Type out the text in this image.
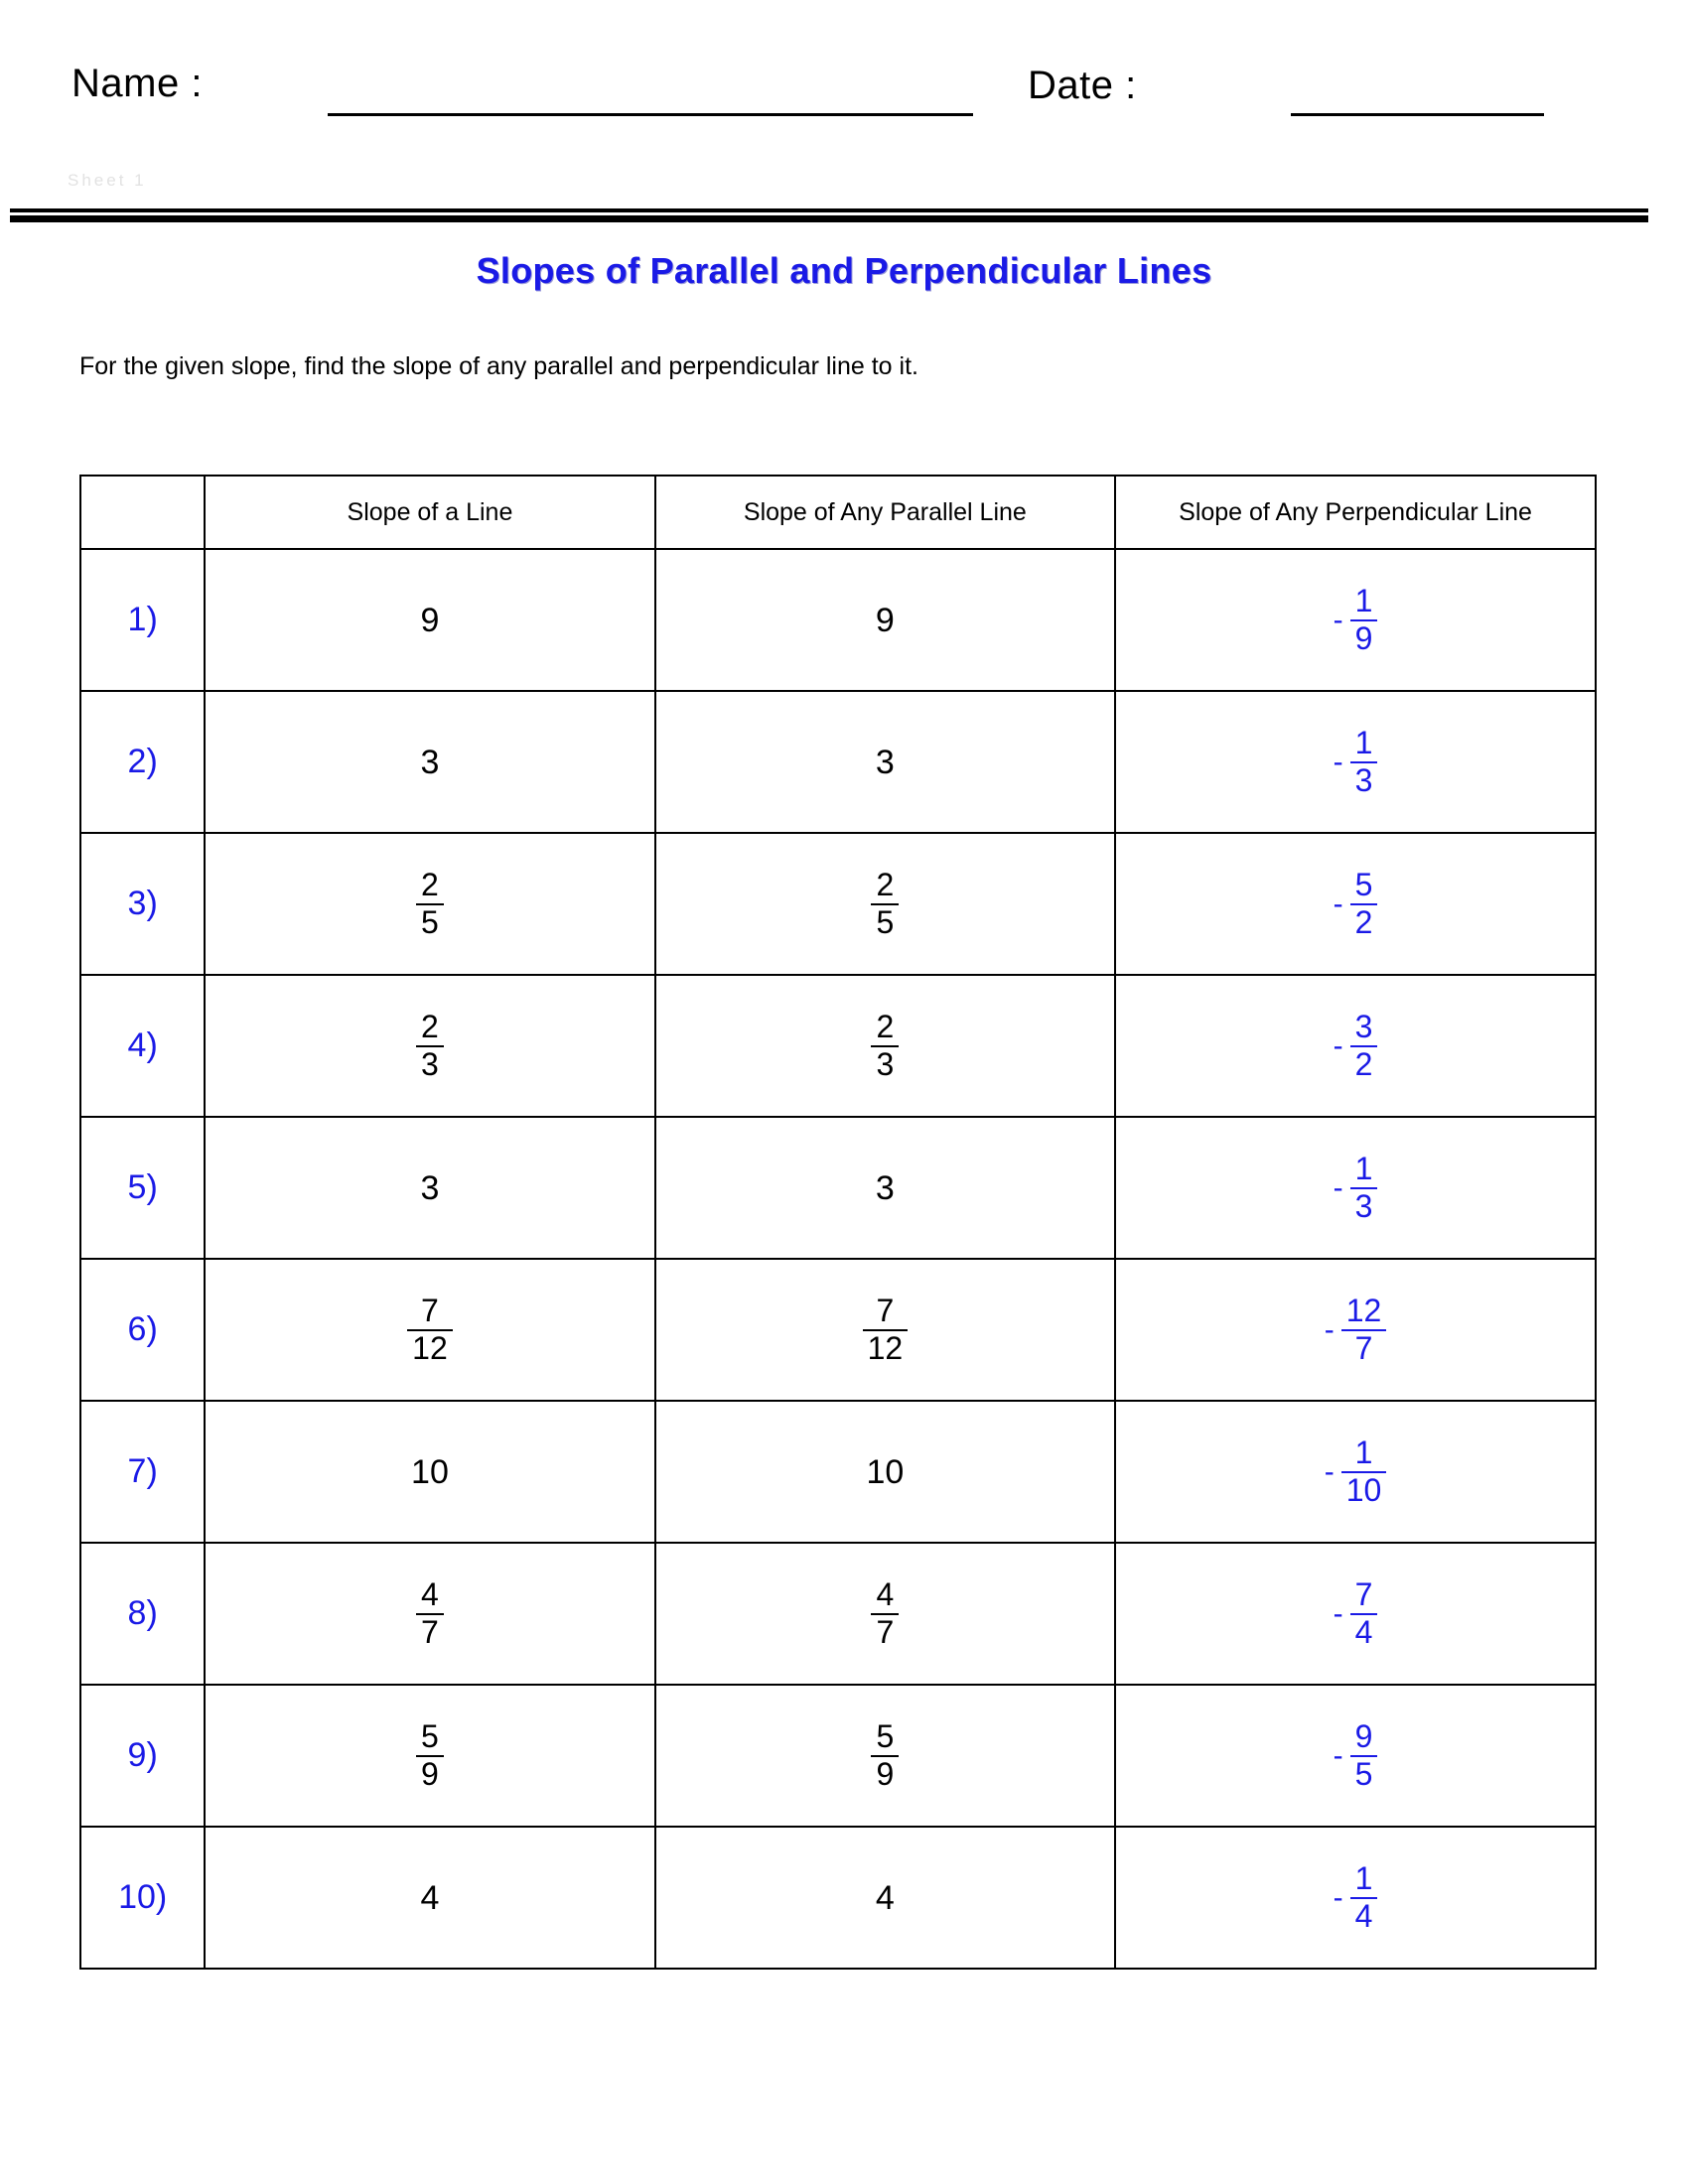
Name :	Date :
Sheet 1
Slopes of Parallel and Perpendicular Lines
For the given slope, find the slope of any parallel and perpendicular line to it.
	Slope of a Line	Slope of Any Parallel Line	Slope of Any Perpendicular Line
1)	9	9	- $\frac{1}{9}$

2)	3	3	- $\frac{1}{3}$

3)	$\frac{2}{5}$	$\frac{2}{5}$	- $\frac{5}{2}$

4)	$\frac{2}{3}$	$\frac{2}{3}$	- $\frac{3}{2}$

5)	3	3	- $\frac{1}{3}$

6)	$\frac{7}{12}$	$\frac{7}{12}$	- $\frac{12}{7}$

7)	10	10	- $\frac{1}{10}$

8)	$\frac{4}{7}$	$\frac{4}{7}$	- $\frac{7}{4}$

9)	$\frac{5}{9}$	$\frac{5}{9}$	- $\frac{9}{5}$

10)	4	4	- $\frac{1}{4}$
